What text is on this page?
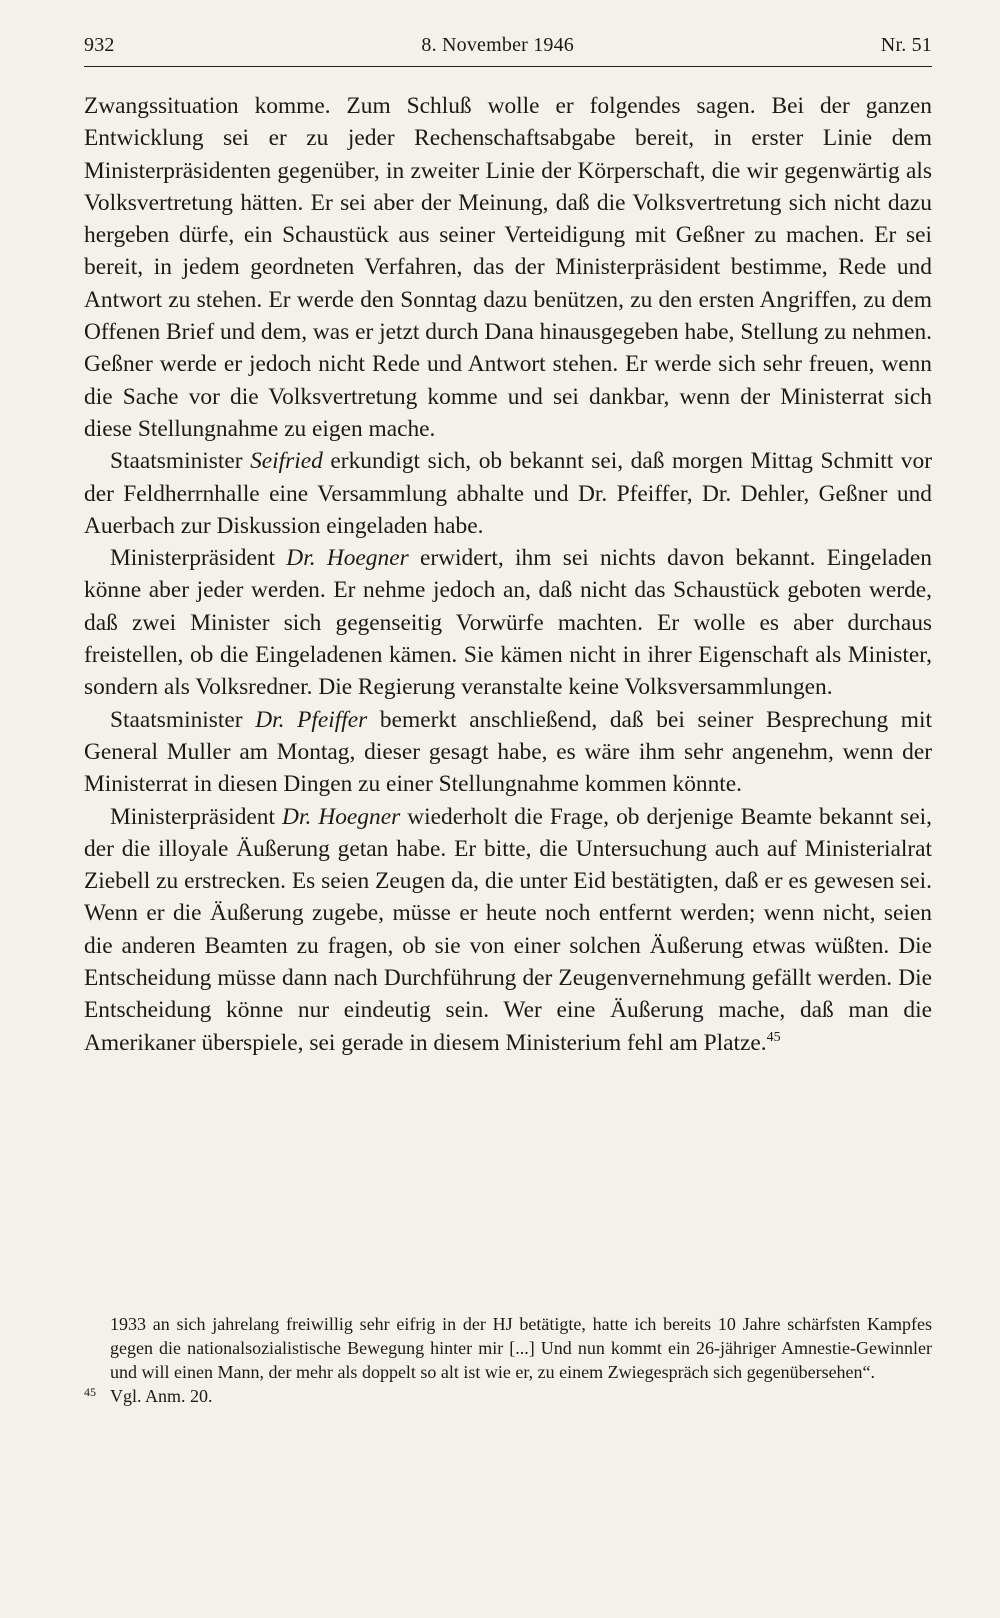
932	8. November 1946	Nr. 51

Zwangssituation komme. Zum Schluß wolle er folgendes sagen. Bei der ganzen Entwicklung sei er zu jeder Rechenschaftsabgabe bereit, in erster Linie dem Ministerpräsidenten gegenüber, in zweiter Linie der Körperschaft, die wir gegenwärtig als Volksvertretung hätten. Er sei aber der Meinung, daß die Volksvertretung sich nicht dazu hergeben dürfe, ein Schaustück aus seiner Verteidigung mit Geßner zu machen. Er sei bereit, in jedem geordneten Verfahren, das der Ministerpräsident bestimme, Rede und Antwort zu stehen. Er werde den Sonntag dazu benützen, zu den ersten Angriffen, zu dem Offenen Brief und dem, was er jetzt durch Dana hinausgegeben habe, Stellung zu nehmen. Geßner werde er jedoch nicht Rede und Antwort stehen. Er werde sich sehr freuen, wenn die Sache vor die Volksvertretung komme und sei dankbar, wenn der Ministerrat sich diese Stellungnahme zu eigen mache.

Staatsminister Seifried erkundigt sich, ob bekannt sei, daß morgen Mittag Schmitt vor der Feldherrnhalle eine Versammlung abhalte und Dr. Pfeiffer, Dr. Dehler, Geßner und Auerbach zur Diskussion eingeladen habe.

Ministerpräsident Dr. Hoegner erwidert, ihm sei nichts davon bekannt. Eingeladen könne aber jeder werden. Er nehme jedoch an, daß nicht das Schaustück geboten werde, daß zwei Minister sich gegenseitig Vorwürfe machten. Er wolle es aber durchaus freistellen, ob die Eingeladenen kämen. Sie kämen nicht in ihrer Eigenschaft als Minister, sondern als Volksredner. Die Regierung veranstalte keine Volksversammlungen.

Staatsminister Dr. Pfeiffer bemerkt anschließend, daß bei seiner Besprechung mit General Muller am Montag, dieser gesagt habe, es wäre ihm sehr angenehm, wenn der Ministerrat in diesen Dingen zu einer Stellungnahme kommen könnte.

Ministerpräsident Dr. Hoegner wiederholt die Frage, ob derjenige Beamte bekannt sei, der die illoyale Äußerung getan habe. Er bitte, die Untersuchung auch auf Ministerialrat Ziebell zu erstrecken. Es seien Zeugen da, die unter Eid bestätigten, daß er es gewesen sei. Wenn er die Äußerung zugebe, müsse er heute noch entfernt werden; wenn nicht, seien die anderen Beamten zu fragen, ob sie von einer solchen Äußerung etwas wüßten. Die Entscheidung müsse dann nach Durchführung der Zeugenvernehmung gefällt werden. Die Entscheidung könne nur eindeutig sein. Wer eine Äußerung mache, daß man die Amerikaner überspiele, sei gerade in diesem Ministerium fehl am Platze.$^{45}$

1933 an sich jahrelang freiwillig sehr eifrig in der HJ betätigte, hatte ich bereits 10 Jahre schärfsten Kampfes gegen die nationalsozialistische Bewegung hinter mir [...] Und nun kommt ein 26-jähriger Amnestie-Gewinnler und will einen Mann, der mehr als doppelt so alt ist wie er, zu einem Zwiegespräch sich gegenübersehen“.

45 Vgl. Anm. 20.
